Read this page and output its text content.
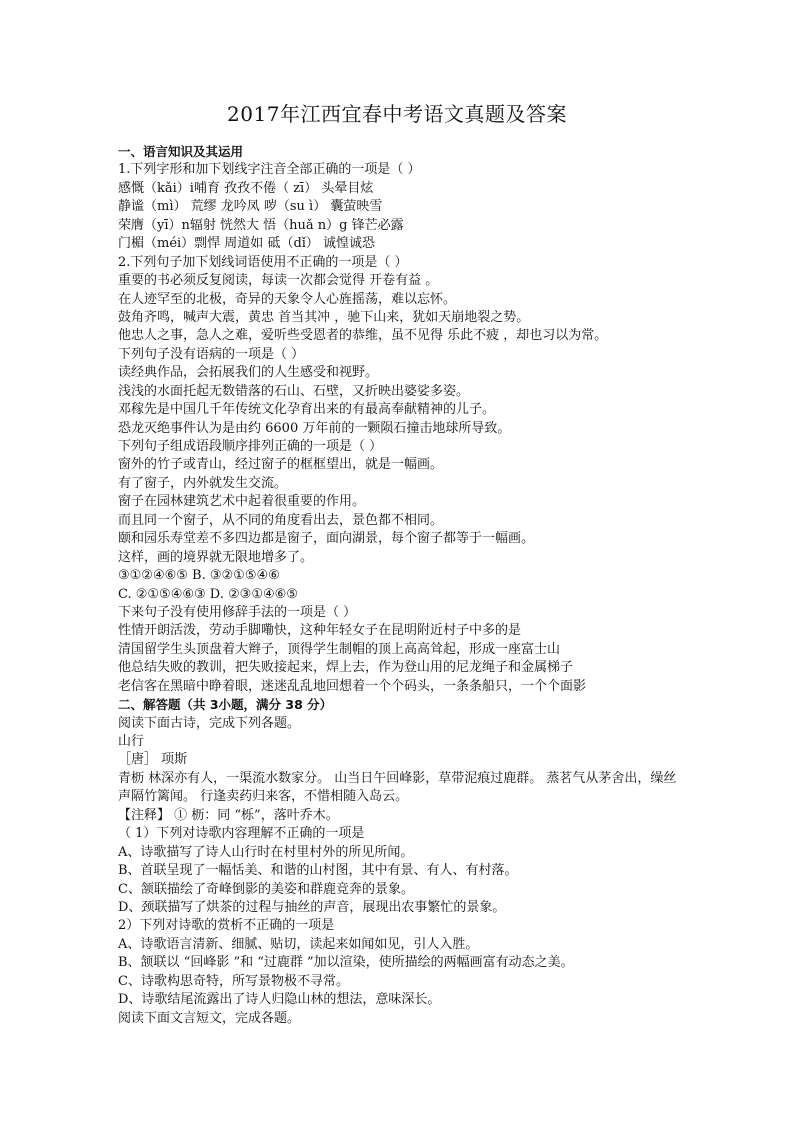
2017年江西宜春中考语文真题及答案
一、语言知识及其运用
1.下列字形和加下划线字注音全部正确的一项是（ ）
感慨（kǎi）i哺育 孜孜不倦（ zī） 头晕目炫
静谧（mì） 荒缪 龙吟凤 哕（su ì） 囊萤映雪
荣膺（yī）n辐射 恍然大 悟（huǎ n）g 锋芒必露
门楣（méi）剽悍 周道如 砥（dǐ） 诚惶诚恐
2.下列句子加下划线词语使用不正确的一项是（ ）
重要的书必须反复阅读，每读一次都会觉得 开卷有益 。
在人迹罕至的北极，奇异的天象令人心旌摇荡，难以忘怀。
鼓角齐鸣，喊声大震，黄忠 首当其冲 ，驰下山来，犹如天崩地裂之势。
他忠人之事，急人之难，爱听些受恩者的恭维，虽不见得 乐此不疲 ，却也习以为常。
下列句子没有语病的一项是（ ）
读经典作品，会拓展我们的人生感受和视野。
浅浅的水面托起无数错落的石山、石壁，又折映出婆娑多姿。
邓稼先是中国几千年传统文化孕育出来的有最高奉献精神的儿子。
恐龙灭绝事件认为是由约 6600 万年前的一颗陨石撞击地球所导致。
下列句子组成语段顺序排列正确的一项是（ ）
窗外的竹子或青山，经过窗子的框框望出，就是一幅画。
有了窗子，内外就发生交流。
窗子在园林建筑艺术中起着很重要的作用。
而且同一个窗子，从不同的角度看出去，景色都不相同。
颐和园乐寿堂差不多四边都是窗子，面向湖景，每个窗子都等于一幅画。
这样，画的境界就无限地增多了。
③①②④⑥⑤ B. ③②①⑤④⑥
C. ②①⑤④⑥③ D. ②③①④⑥⑤
下来句子没有使用修辞手法的一项是（ ）
性情开朗活泼，劳动手脚嘞快，这种年轻女子在昆明附近村子中多的是
清国留学生头顶盘着大辫子，顶得学生制帽的顶上高高耸起，形成一座富士山
他总结失败的教训，把失败接起来，焊上去，作为登山用的尼龙绳子和金属梯子
老信客在黑暗中睁着眼，迷迷乱乱地回想着一个个码头，一条条船只，一个个面影
二、解答题（共 3小题，满分 38 分）
阅读下面古诗，完成下列各题。
山行
［唐］ 项斯
青枥 林深亦有人，一渠流水数家分。 山当日午回峰影，草带泥痕过鹿群。 蒸茗气从茅舍出，缲丝声隔竹篱闻。 行逢卖药归来客，不惜相随入岛云。
【注释】 ① 枥：同 “栎”，落叶乔木。
（ 1）下列对诗歌内容理解不正确的一项是
A、诗歌描写了诗人山行时在村里村外的所见所闻。
B、首联呈现了一幅恬美、和谐的山村图，其中有景、有人、有村落。
C、颔联描绘了奇峰倒影的美姿和群鹿竞奔的景象。
D、颈联描写了烘茶的过程与抽丝的声音，展现出农事繁忙的景象。
2）下列对诗歌的赏析不正确的一项是
A、诗歌语言清新、细腻、贴切，读起来如闻如见，引人入胜。
B、颔联以 “回峰影 ”和 “过鹿群 ”加以渲染，使所描绘的两幅画富有动态之美。
C、诗歌构思奇特，所写景物极不寻常。
D、诗歌结尾流露出了诗人归隐山林的想法，意味深长。
阅读下面文言短文，完成各题。
